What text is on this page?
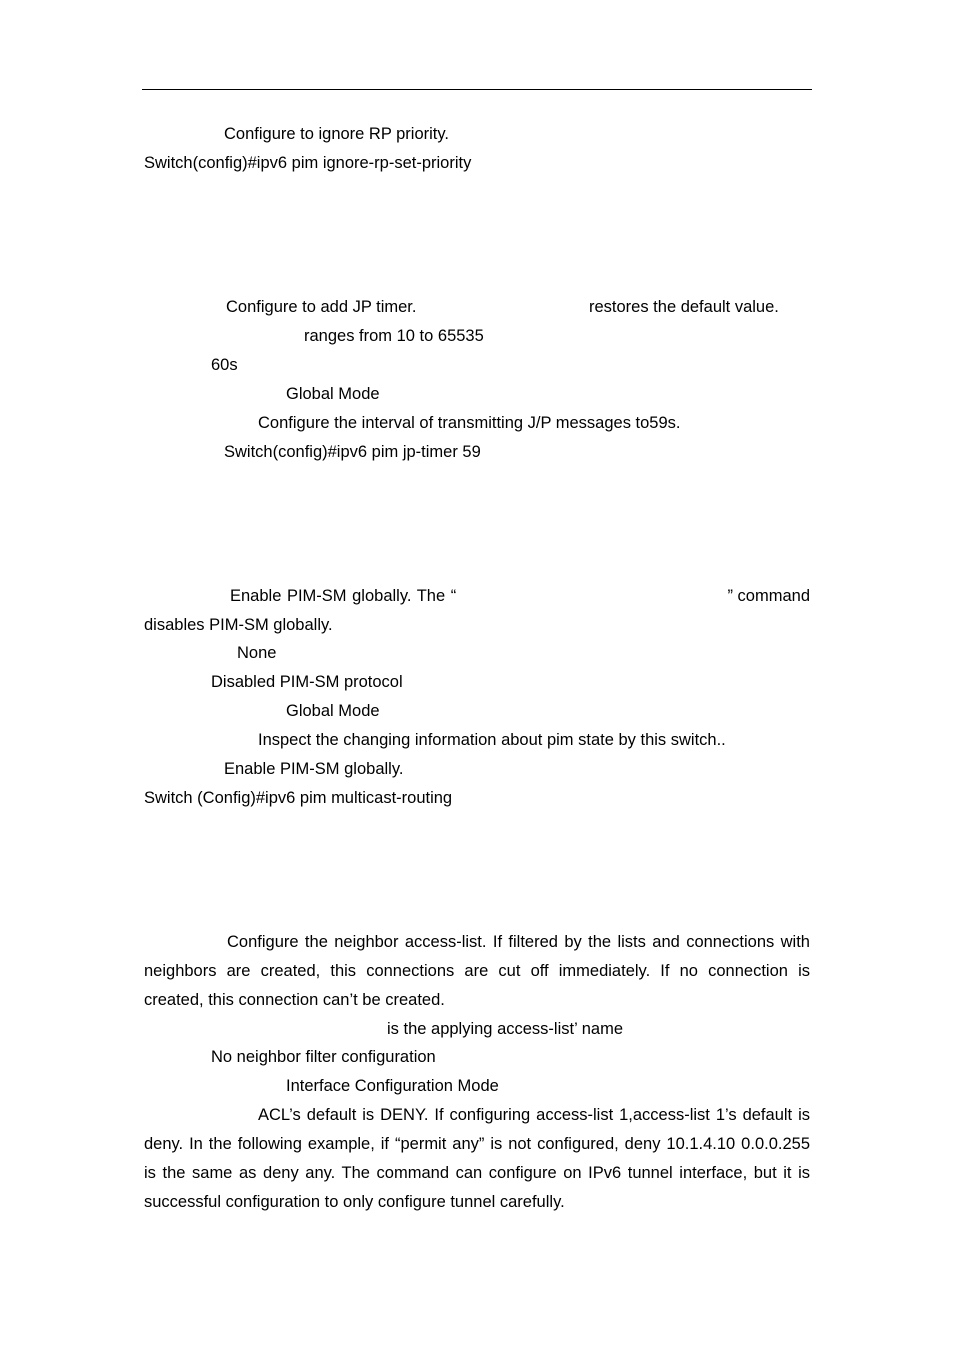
Configure to ignore RP priority.
Switch(config)#ipv6 pim ignore-rp-set-priority
Configure to add JP timer.	restores the default value.
ranges from 10 to 65535
60s
Global Mode
Configure the interval of transmitting J/P messages to59s.
Switch(config)#ipv6 pim jp-timer 59
Enable PIM-SM globally. The “	” command
disables PIM-SM globally.
None
Disabled PIM-SM protocol
Global Mode
Inspect the changing information about pim state by this switch..
Enable PIM-SM globally.
Switch (Config)#ipv6 pim multicast-routing
Configure the neighbor access-list. If filtered by the lists and connections with
neighbors are created, this connections are cut off immediately. If no connection is
created, this connection can’t be created.
is the applying access-list’ name
No neighbor filter configuration
Interface Configuration Mode
ACL’s default is DENY. If configuring access-list 1,access-list 1’s default is
deny. In the following example, if “permit any” is not configured, deny 10.1.4.10 0.0.0.255
is the same as deny any. The command can configure on IPv6 tunnel interface, but it is
successful configuration to only configure tunnel carefully.
